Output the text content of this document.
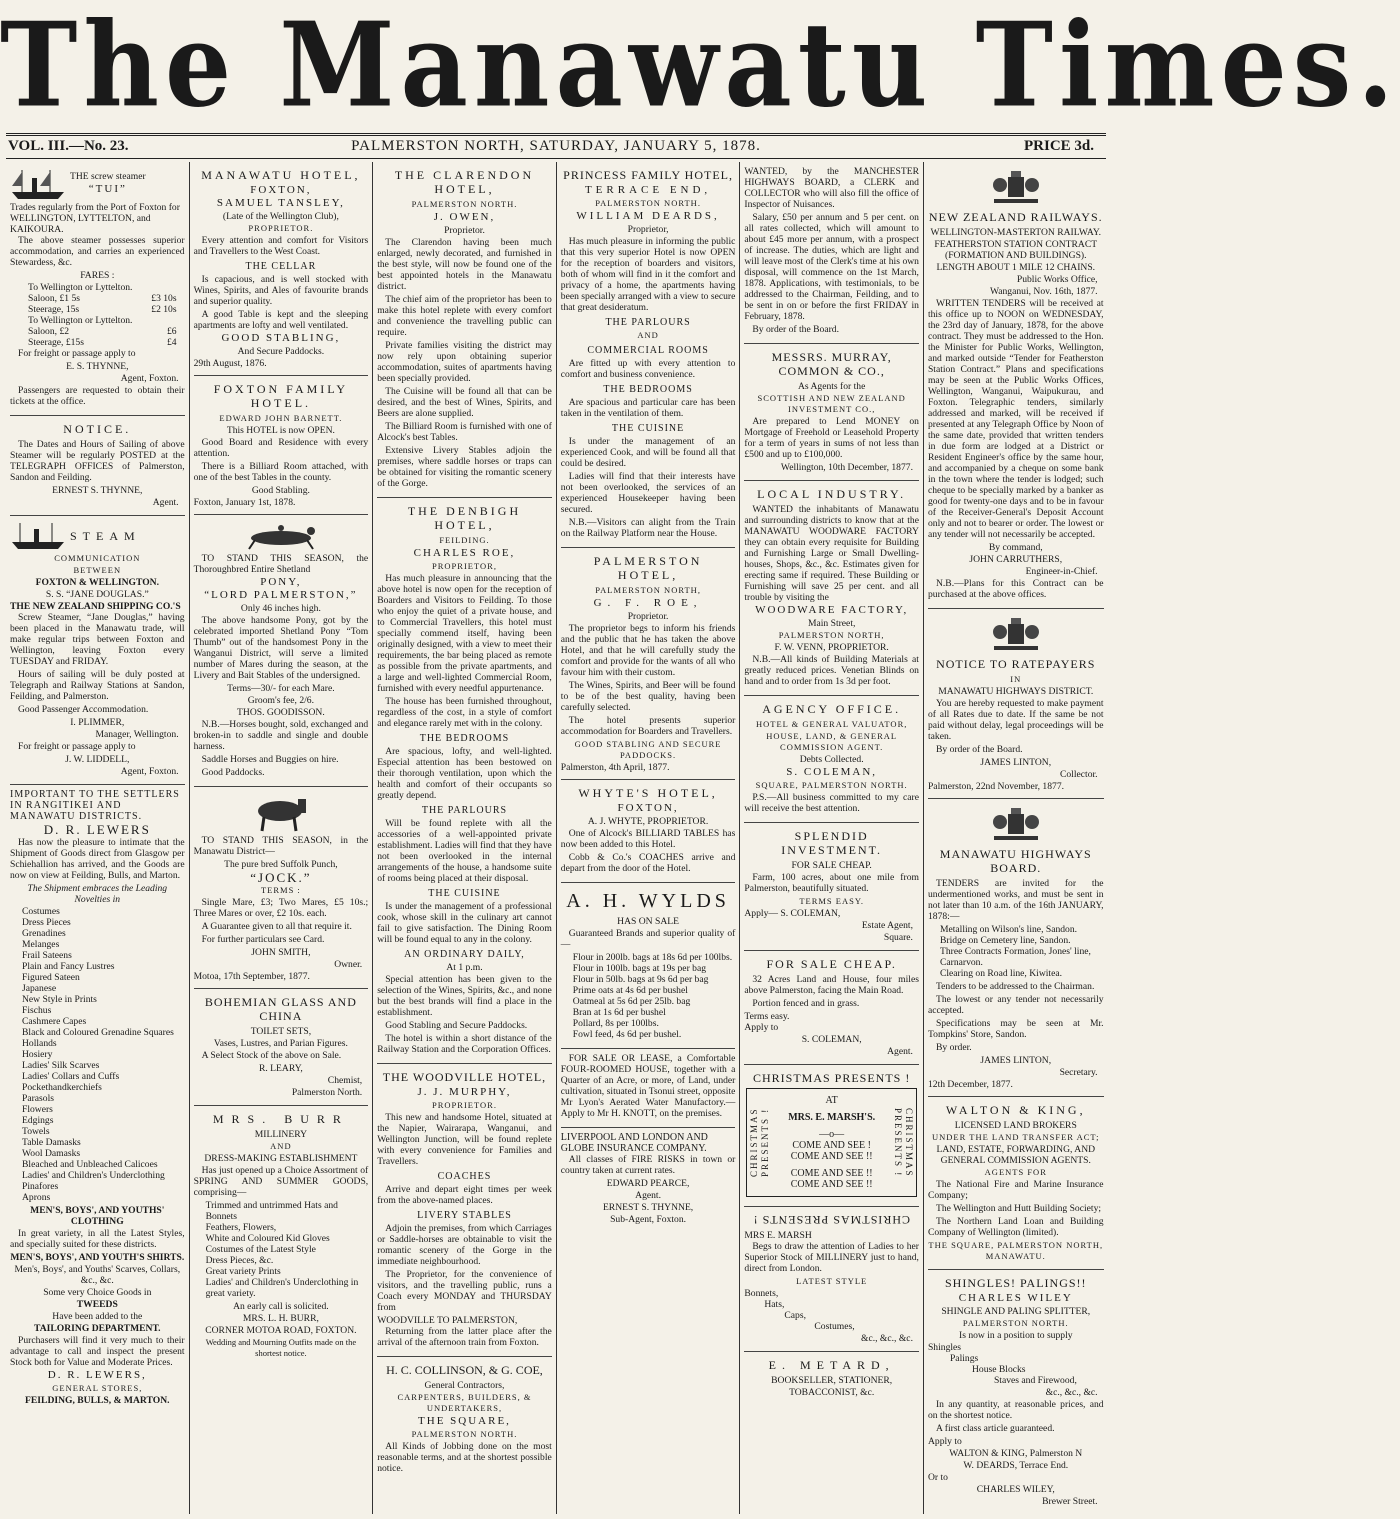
The Manawatu Times.
VOL. III.—No. 23.	PALMERSTON NORTH, SATURDAY, JANUARY 5, 1878.	PRICE 3d.
THE screw steamer
“TUI”
Trades regularly from the Port of Foxton for WELLINGTON, LYTTELTON, and KAIKOURA.
The above steamer possesses superior accommodation, and carries an experienced Stewardess, &c.
FARES :
To Wellington or Lyttelton.
Saloon, £1 5s	£3 10s
Steerage, 15s	£2 10s
To Wellington or Lyttelton.
Saloon, £2	£6
Steerage, £15s	£4
For freight or passage apply to
E. S. THYNNE,
Agent, Foxton.
Passengers are requested to obtain their tickets at the office.
NOTICE.
The Dates and Hours of Sailing of above Steamer will be regularly POSTED at the TELEGRAPH OFFICES of Palmerston, Sandon and Feilding.
ERNEST S. THYNNE,
Agent.
STEAM
COMMUNICATION
BETWEEN
FOXTON & WELLINGTON.
S. S. “JANE DOUGLAS.”
THE NEW ZEALAND SHIPPING CO.'S
Screw Steamer, “Jane Douglas,” having been placed in the Manawatu trade, will make regular trips between Foxton and Wellington, leaving Foxton every TUESDAY and FRIDAY.
Hours of sailing will be duly posted at Telegraph and Railway Stations at Sandon, Feilding, and Palmerston.
Good Passenger Accommodation.
I. PLIMMER,
Manager, Wellington.
For freight or passage apply to
J. W. LIDDELL,
Agent, Foxton.
IMPORTANT TO THE SETTLERS IN RANGITIKEI AND MANAWATU DISTRICTS.
D. R. LEWERS
Has now the pleasure to intimate that the Shipment of Goods direct from Glasgow per Schiehallion has arrived, and the Goods are now on view at Feilding, Bulls, and Marton.
The Shipment embraces the Leading Novelties in
Costumes
Dress Pieces
Grenadines
Melanges
Frail Sateens
Plain and Fancy Lustres
Figured Sateen
Japanese
New Style in Prints
Fischus
Cashmere Capes
Black and Coloured Grenadine Squares
Hollands
Hosiery
Ladies' Silk Scarves
Ladies' Collars and Cuffs
Pockethandkerchiefs
Parasols
Flowers
Edgings
Towels
Table Damasks
Wool Damasks
Bleached and Unbleached Calicoes
Ladies' and Children's Underclothing
Pinafores
Aprons
MEN'S, BOYS', AND YOUTHS' CLOTHING
In great variety, in all the Latest Styles, and specially suited for these districts.
MEN'S, BOYS', AND YOUTH'S SHIRTS.
Men's, Boys', and Youths' Scarves, Collars, &c., &c.
Some very Choice Goods in
TWEEDS
Have been added to the
TAILORING DEPARTMENT.
Purchasers will find it very much to their advantage to call and inspect the present Stock both for Value and Moderate Prices.
D. R. LEWERS,
GENERAL STORES,
FEILDING, BULLS, & MARTON.
MANAWATU HOTEL,
FOXTON,
SAMUEL TANSLEY,
(Late of the Wellington Club),
PROPRIETOR.
Every attention and comfort for Visitors and Travellers to the West Coast.
THE CELLAR
Is capacious, and is well stocked with Wines, Spirits, and Ales of favourite brands and superior quality.
A good Table is kept and the sleeping apartments are lofty and well ventilated.
GOOD STABLING,
And Secure Paddocks.
29th August, 1876.
FOXTON FAMILY HOTEL.
EDWARD JOHN BARNETT.
This HOTEL is now OPEN.
Good Board and Residence with every attention.
There is a Billiard Room attached, with one of the best Tables in the county.
Good Stabling.
Foxton, January 1st, 1878.
TO STAND THIS SEASON, the Thoroughbred Entire Shetland
PONY,
“LORD PALMERSTON,”
Only 46 inches high.
The above handsome Pony, got by the celebrated imported Shetland Pony “Tom Thumb” out of the handsomest Pony in the Wanganui District, will serve a limited number of Mares during the season, at the Livery and Bait Stables of the undersigned.
Terms—30/- for each Mare.
Groom's fee, 2/6.
THOS. GOODISSON.
N.B.—Horses bought, sold, exchanged and broken-in to saddle and single and double harness.
Saddle Horses and Buggies on hire.
Good Paddocks.
TO STAND THIS SEASON, in the Manawatu District—
The pure bred Suffolk Punch,
“JOCK.”
TERMS :
Single Mare, £3; Two Mares, £5 10s.; Three Mares or over, £2 10s. each.
A Guarantee given to all that require it.
For further particulars see Card.
JOHN SMITH,
Owner.
Motoa, 17th September, 1877.
BOHEMIAN GLASS AND CHINA
TOILET SETS,
Vases, Lustres, and Parian Figures.
A Select Stock of the above on Sale.
R. LEARY,
Chemist,
Palmerston North.
MRS. BURR
MILLINERY
AND
DRESS-MAKING ESTABLISHMENT
Has just opened up a Choice Assortment of SPRING AND SUMMER GOODS, comprising—
Trimmed and untrimmed Hats and Bonnets
Feathers, Flowers,
White and Coloured Kid Gloves
Costumes of the Latest Style
Dress Pieces, &c.
Great variety Prints
Ladies' and Children's Underclothing in great variety.
An early call is solicited.
MRS. L. H. BURR,
CORNER MOTOA ROAD, FOXTON.
Wedding and Mourning Outfits made on the shortest notice.
THE CLARENDON HOTEL,
PALMERSTON NORTH.
J. OWEN,
Proprietor.
The Clarendon having been much enlarged, newly decorated, and furnished in the best style, will now be found one of the best appointed hotels in the Manawatu district.
The chief aim of the proprietor has been to make this hotel replete with every comfort and convenience the travelling public can require.
Private families visiting the district may now rely upon obtaining superior accommodation, suites of apartments having been specially provided.
The Cuisine will be found all that can be desired, and the best of Wines, Spirits, and Beers are alone supplied.
The Billiard Room is furnished with one of Alcock's best Tables.
Extensive Livery Stables adjoin the premises, where saddle horses or traps can be obtained for visiting the romantic scenery of the Gorge.
THE DENBIGH HOTEL,
FEILDING.
CHARLES ROE,
PROPRIETOR,
Has much pleasure in announcing that the above hotel is now open for the reception of Boarders and Visitors to Feilding. To those who enjoy the quiet of a private house, and to Commercial Travellers, this hotel must specially commend itself, having been originally designed, with a view to meet their requirements, the bar being placed as remote as possible from the private apartments, and a large and well-lighted Commercial Room, furnished with every needful appurtenance.
The house has been furnished throughout, regardless of the cost, in a style of comfort and elegance rarely met with in the colony.
THE BEDROOMS
Are spacious, lofty, and well-lighted. Especial attention has been bestowed on their thorough ventilation, upon which the health and comfort of their occupants so greatly depend.
THE PARLOURS
Will be found replete with all the accessories of a well-appointed private establishment. Ladies will find that they have not been overlooked in the internal arrangements of the house, a handsome suite of rooms being placed at their disposal.
THE CUISINE
Is under the management of a professional cook, whose skill in the culinary art cannot fail to give satisfaction. The Dining Room will be found equal to any in the colony.
AN ORDINARY DAILY,
At 1 p.m.
Special attention has been given to the selection of the Wines, Spirits, &c., and none but the best brands will find a place in the establishment.
Good Stabling and Secure Paddocks.
The hotel is within a short distance of the Railway Station and the Corporation Offices.
THE WOODVILLE HOTEL,
J. J. MURPHY,
PROPRIETOR.
This new and handsome Hotel, situated at the Napier, Wairarapa, Wanganui, and Wellington Junction, will be found replete with every convenience for Families and Travellers.
COACHES
Arrive and depart eight times per week from the above-named places.
LIVERY STABLES
Adjoin the premises, from which Carriages or Saddle-horses are obtainable to visit the romantic scenery of the Gorge in the immediate neighbourhood.
The Proprietor, for the convenience of visitors, and the travelling public, runs a Coach every MONDAY and THURSDAY from
WOODVILLE TO PALMERSTON,
Returning from the latter place after the arrival of the afternoon train from Foxton.
H. C. COLLINSON, & G. COE,
General Contractors,
CARPENTERS, BUILDERS, & UNDERTAKERS,
THE SQUARE,
PALMERSTON NORTH.
All Kinds of Jobbing done on the most reasonable terms, and at the shortest possible notice.
PRINCESS FAMILY HOTEL,
TERRACE END,
PALMERSTON NORTH.
WILLIAM DEARDS,
Proprietor,
Has much pleasure in informing the public that this very superior Hotel is now OPEN for the reception of boarders and visitors, both of whom will find in it the comfort and privacy of a home, the apartments having been specially arranged with a view to secure that great desideratum.
THE PARLOURS
AND
COMMERCIAL ROOMS
Are fitted up with every attention to comfort and business convenience.
THE BEDROOMS
Are spacious and particular care has been taken in the ventilation of them.
THE CUISINE
Is under the management of an experienced Cook, and will be found all that could be desired.
Ladies will find that their interests have not been overlooked, the services of an experienced Housekeeper having been secured.
N.B.—Visitors can alight from the Train on the Railway Platform near the House.
PALMERSTON HOTEL,
PALMERSTON NORTH,
G. F. ROE,
Proprietor.
The proprietor begs to inform his friends and the public that he has taken the above Hotel, and that he will carefully study the comfort and provide for the wants of all who favour him with their custom.
The Wines, Spirits, and Beer will be found to be of the best quality, having been carefully selected.
The hotel presents superior accommodation for Boarders and Travellers.
GOOD STABLING AND SECURE PADDOCKS.
Palmerston, 4th April, 1877.
WHYTE'S HOTEL,
FOXTON,
A. J. WHYTE, PROPRIETOR.
One of Alcock's BILLIARD TABLES has now been added to this Hotel.
Cobb & Co.'s COACHES arrive and depart from the door of the Hotel.
A. H. WYLDS
HAS ON SALE
Guaranteed Brands and superior quality of—
Flour in 200lb. bags at 18s 6d per 100lbs.
Flour in 100lb. bags at 19s per bag
Flour in 50lb. bags at 9s 6d per bag
Prime oats at 4s 6d per bushel
Oatmeal at 5s 6d per 25lb. bag
Bran at 1s 6d per bushel
Pollard, 8s per 100lbs.
Fowl feed, 4s 6d per bushel.
FOR SALE OR LEASE, a Comfortable FOUR-ROOMED HOUSE, together with a Quarter of an Acre, or more, of Land, under cultivation, situated in Tsonui street, opposite Mr Lyon's Aerated Water Manufactory.—Apply to Mr H. KNOTT, on the premises.
LIVERPOOL AND LONDON AND GLOBE INSURANCE COMPANY.
All classes of FIRE RISKS in town or country taken at current rates.
EDWARD PEARCE,
Agent.
ERNEST S. THYNNE,
Sub-Agent, Foxton.
WANTED, by the MANCHESTER HIGHWAYS BOARD, a CLERK and COLLECTOR who will also fill the office of Inspector of Nuisances.
Salary, £50 per annum and 5 per cent. on all rates collected, which will amount to about £45 more per annum, with a prospect of increase. The duties, which are light and will leave most of the Clerk's time at his own disposal, will commence on the 1st March, 1878. Applications, with testimonials, to be addressed to the Chairman, Feilding, and to be sent in on or before the first FRIDAY in February, 1878.
By order of the Board.
MESSRS. MURRAY, COMMON & CO.,
As Agents for the
SCOTTISH AND NEW ZEALAND INVESTMENT CO.,
Are prepared to Lend MONEY on Mortgage of Freehold or Leasehold Property for a term of years in sums of not less than £500 and up to £100,000.
Wellington, 10th December, 1877.
LOCAL INDUSTRY.
WANTED the inhabitants of Manawatu and surrounding districts to know that at the MANAWATU WOODWARE FACTORY they can obtain every requisite for Building and Furnishing Large or Small Dwelling-houses, Shops, &c., &c. Estimates given for erecting same if required. These Building or Furnishing will save 25 per cent. and all trouble by visiting the
WOODWARE FACTORY,
Main Street,
PALMERSTON NORTH,
F. W. VENN, PROPRIETOR.
N.B.—All kinds of Building Materials at greatly reduced prices. Venetian Blinds on hand and to order from 1s 3d per foot.
AGENCY OFFICE.
HOTEL & GENERAL VALUATOR,
HOUSE, LAND, & GENERAL COMMISSION AGENT.
Debts Collected.
S. COLEMAN,
SQUARE, PALMERSTON NORTH.
P.S.—All business committed to my care will receive the best attention.
SPLENDID INVESTMENT.
FOR SALE CHEAP.
Farm, 100 acres, about one mile from Palmerston, beautifully situated.
TERMS EASY.
Apply— S. COLEMAN,
Estate Agent,
Square.
FOR SALE CHEAP.
32 Acres Land and House, four miles above Palmerston, facing the Main Road.
Portion fenced and in grass.
Terms easy.
Apply to
S. COLEMAN,
Agent.
CHRISTMAS PRESENTS !
CHRISTMAS PRESENTS !	CHRISTMAS PRESENTS !
AT
MRS. E. MARSH'S.
—o—
COME AND SEE !
COME AND SEE !!
COME AND SEE !!
COME AND SEE !!
CHRISTMAS PRESENTS !
MRS E. MARSH
Begs to draw the attention of Ladies to her Superior Stock of MILLINERY just to hand, direct from London.
LATEST STYLE
Bonnets,
Hats,
Caps,
Costumes,
&c., &c., &c.
E. METARD,
BOOKSELLER, STATIONER,
TOBACCONIST, &c.
NEW ZEALAND RAILWAYS.
WELLINGTON-MASTERTON RAILWAY.
FEATHERSTON STATION CONTRACT (FORMATION AND BUILDINGS).
LENGTH ABOUT 1 MILE 12 CHAINS.
Public Works Office,
Wanganui, Nov. 16th, 1877.
WRITTEN TENDERS will be received at this office up to NOON on WEDNESDAY, the 23rd day of January, 1878, for the above contract. They must be addressed to the Hon. the Minister for Public Works, Wellington, and marked outside “Tender for Featherston Station Contract.” Plans and specifications may be seen at the Public Works Offices, Wellington, Wanganui, Waipukurau, and Foxton. Telegraphic tenders, similarly addressed and marked, will be received if presented at any Telegraph Office by Noon of the same date, provided that written tenders in due form are lodged at a District or Resident Engineer's office by the same hour, and accompanied by a cheque on some bank in the town where the tender is lodged; such cheque to be specially marked by a banker as good for twenty-one days and to be in favour of the Receiver-General's Deposit Account only and not to bearer or order. The lowest or any tender will not necessarily be accepted.
By command,
JOHN CARRUTHERS,
Engineer-in-Chief.
N.B.—Plans for this Contract can be purchased at the above offices.
NOTICE TO RATEPAYERS
IN
MANAWATU HIGHWAYS DISTRICT.
You are hereby requested to make payment of all Rates due to date. If the same be not paid without delay, legal proceedings will be taken.
By order of the Board.
JAMES LINTON,
Collector.
Palmerston, 22nd November, 1877.
MANAWATU HIGHWAYS BOARD.
TENDERS are invited for the undermentioned works, and must be sent in not later than 10 a.m. of the 16th JANUARY, 1878:—
Metalling on Wilson's line, Sandon.
Bridge on Cemetery line, Sandon.
Three Contracts Formation, Jones' line, Carnarvon.
Clearing on Road line, Kiwitea.
Tenders to be addressed to the Chairman.
The lowest or any tender not necessarily accepted.
Specifications may be seen at Mr. Tompkins' Store, Sandon.
By order.
JAMES LINTON,
Secretary.
12th December, 1877.
WALTON & KING,
LICENSED LAND BROKERS
UNDER THE LAND TRANSFER ACT;
LAND, ESTATE, FORWARDING, AND GENERAL COMMISSION AGENTS.
AGENTS FOR
The National Fire and Marine Insurance Company;
The Wellington and Hutt Building Society;
The Northern Land Loan and Building Company of Wellington (limited).
THE SQUARE, PALMERSTON NORTH, MANAWATU.
SHINGLES! PALINGS!!
CHARLES WILEY
SHINGLE AND PALING SPLITTER,
PALMERSTON NORTH.
Is now in a position to supply
Shingles
Palings
House Blocks
Staves and Firewood,
&c., &c., &c.
In any quantity, at reasonable prices, and on the shortest notice.
A first class article guaranteed.
Apply to
WALTON & KING, Palmerston N
W. DEARDS, Terrace End.
Or to
CHARLES WILEY,
Brewer Street.
